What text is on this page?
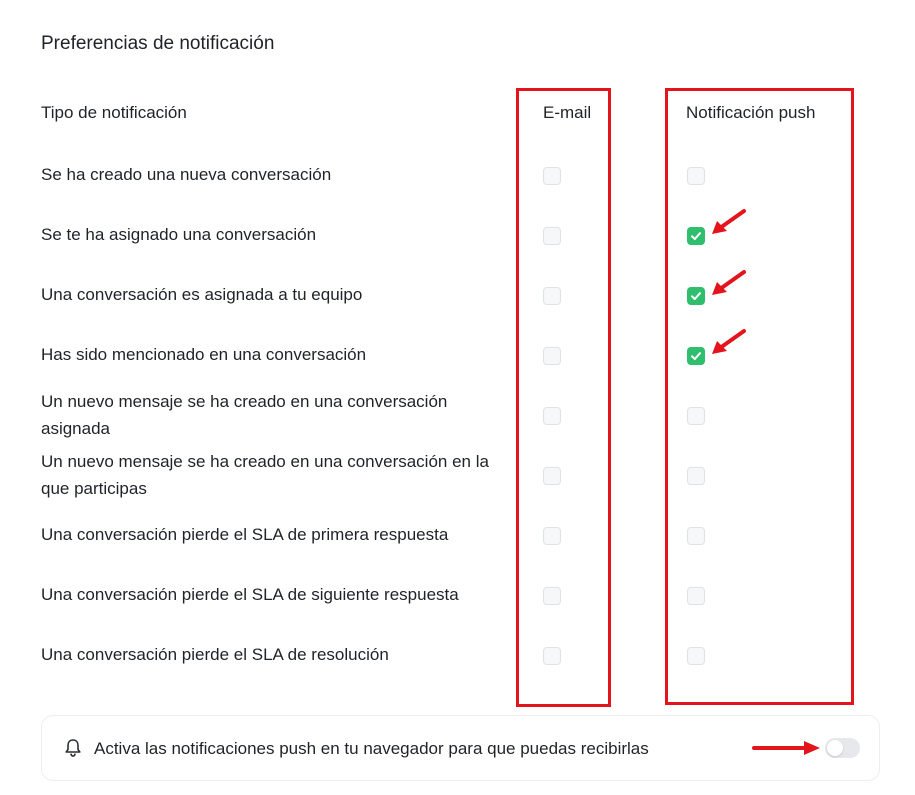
Preferencias de notificación
Tipo de notificación	E-mail	Notificación push
Se ha creado una nueva conversación
Se te ha asignado una conversación
Una conversación es asignada a tu equipo
Has sido mencionado en una conversación
Un nuevo mensaje se ha creado en una conversación asignada
Un nuevo mensaje se ha creado en una conversación en la que participas
Una conversación pierde el SLA de primera respuesta
Una conversación pierde el SLA de siguiente respuesta
Una conversación pierde el SLA de resolución
Activa las notificaciones push en tu navegador para que puedas recibirlas
